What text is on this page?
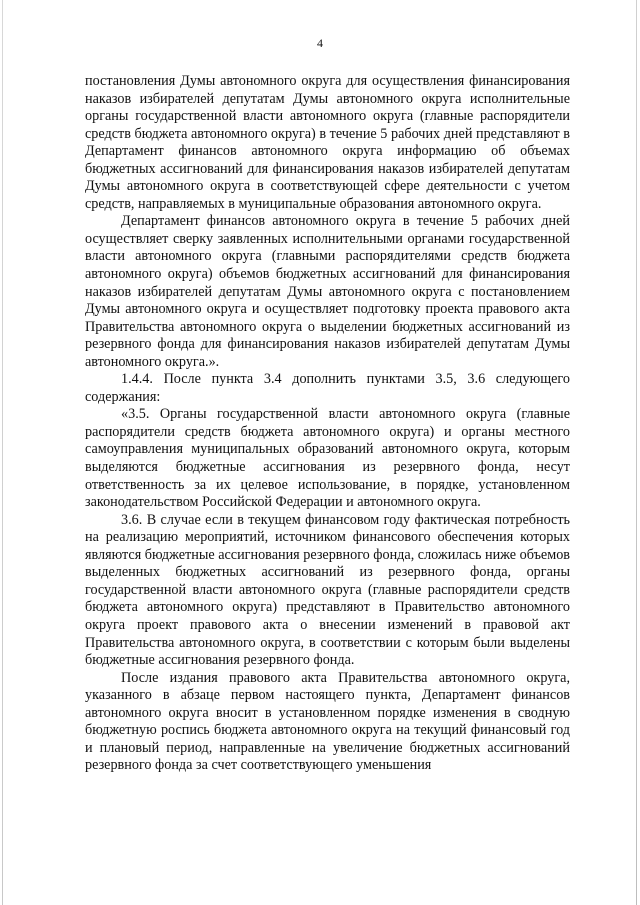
4

постановления Думы автономного округа для осуществления финансирования наказов избирателей депутатам Думы автономного округа исполнительные органы государственной власти автономного округа (главные распорядители средств бюджета автономного округа) в течение 5 рабочих дней представляют в Департамент финансов автономного округа информацию об объемах бюджетных ассигнований для финансирования наказов избирателей депутатам Думы автономного округа в соответствующей сфере деятельности с учетом средств, направляемых в муниципальные образования автономного округа.

Департамент финансов автономного округа в течение 5 рабочих дней осуществляет сверку заявленных исполнительными органами государственной власти автономного округа (главными распорядителями средств бюджета автономного округа) объемов бюджетных ассигнований для финансирования наказов избирателей депутатам Думы автономного округа с постановлением Думы автономного округа и осуществляет подготовку проекта правового акта Правительства автономного округа о выделении бюджетных ассигнований из резервного фонда для финансирования наказов избирателей депутатам Думы автономного округа.».

1.4.4. После пункта 3.4 дополнить пунктами 3.5, 3.6 следующего содержания:

«3.5. Органы государственной власти автономного округа (главные распорядители средств бюджета автономного округа) и органы местного самоуправления муниципальных образований автономного округа, которым выделяются бюджетные ассигнования из резервного фонда, несут ответственность за их целевое использование, в порядке, установленном законодательством Российской Федерации и автономного округа.

3.6. В случае если в текущем финансовом году фактическая потребность на реализацию мероприятий, источником финансового обеспечения которых являются бюджетные ассигнования резервного фонда, сложилась ниже объемов выделенных бюджетных ассигнований из резервного фонда, органы государственной власти автономного округа (главные распорядители средств бюджета автономного округа) представляют в Правительство автономного округа проект правового акта о внесении изменений в правовой акт Правительства автономного округа, в соответствии с которым были выделены бюджетные ассигнования резервного фонда.

После издания правового акта Правительства автономного округа, указанного в абзаце первом настоящего пункта, Департамент финансов автономного округа вносит в установленном порядке изменения в сводную бюджетную роспись бюджета автономного округа на текущий финансовый год и плановый период, направленные на увеличение бюджетных ассигнований резервного фонда за счет соответствующего уменьшения
